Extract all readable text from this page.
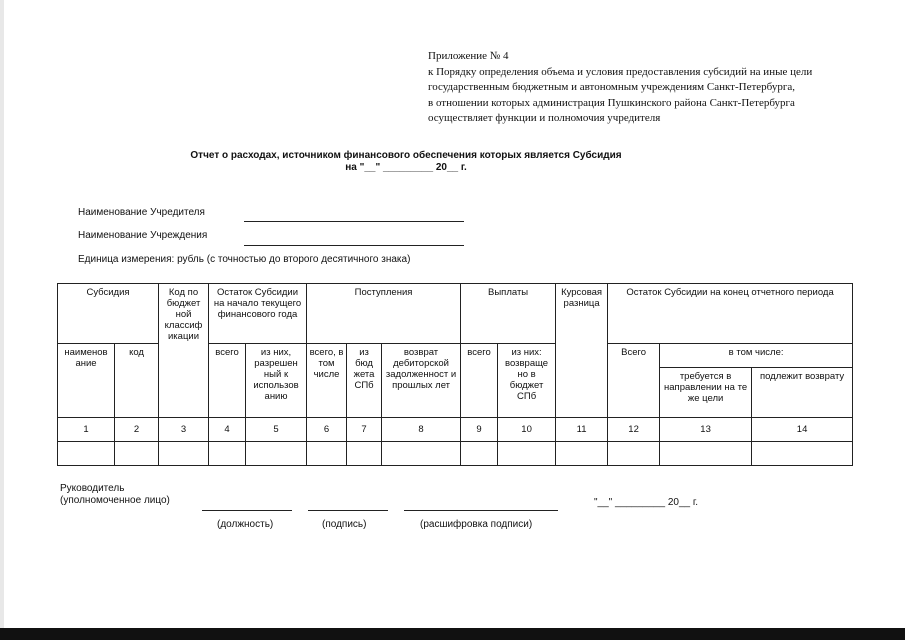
Приложение № 4
к Порядку определения объема и условия предоставления субсидий на иные цели
государственным бюджетным и автономным учреждениям Санкт-Петербурга,
в отношении которых администрация Пушкинского района Санкт-Петербурга
осуществляет функции и полномочия учредителя
Отчет о расходах, источником финансового обеспечения которых является Субсидия
на "__" _________ 20__ г.
Наименование Учредителя
Наименование Учреждения
Единица измерения: рубль (с точностью до второго десятичного знака)
Субсидия		Код по бюджет ной классиф икации	Остаток Субсидии на начало текущего финансового года		Поступления			Выплаты		Курсовая разница	Остаток Субсидии на конец отчетного периода		
наименов ание	код		всего	из них, разрешен ный к использов анию	всего, в том числе	из бюд жета СПб	возврат дебиторской задолженност и прошлых лет	всего	из них: возвраще но в бюджет СПб		Всего	в том числе:	
												требуется в направлении на те же цели	подлежит возврату
1	2	3	4	5	6	7	8	9	10	11	12	13	14

Руководитель
(уполномоченное лицо)	"__" _________ 20__ г.
(должность)	(подпись)	(расшифровка подписи)
